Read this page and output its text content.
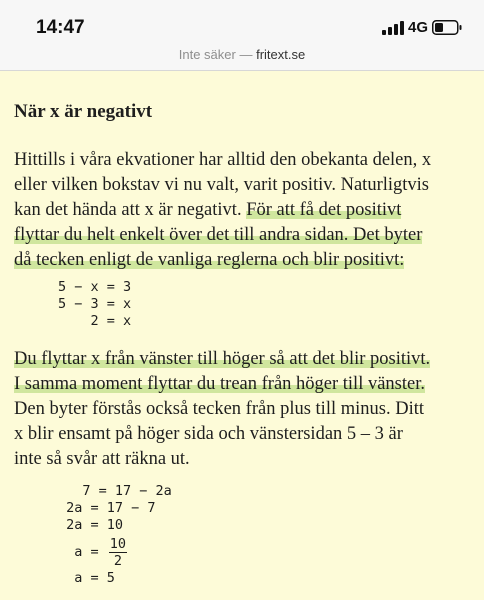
14:47	4G
Inte säker — fritext.se
När x är negativt
Hittills i våra ekvationer har alltid den obekanta delen, x
eller vilken bokstav vi nu valt, varit positiv. Naturligtvis
kan det hända att x är negativt. För att få det positivt
flyttar du helt enkelt över det till andra sidan. Det byter
då tecken enligt de vanliga reglerna och blir positivt:
5 − x = 3
5 − 3 = x
2 = x
Du flyttar x från vänster till höger så att det blir positivt.
I samma moment flyttar du trean från höger till vänster.
Den byter förstås också tecken från plus till minus. Ditt
x blir ensamt på höger sida och vänstersidan 5 – 3 är
inte så svår att räkna ut.
7 = 17 − 2a
2a = 17 − 7
2a = 10
$a = \frac{10}{2}$
a = 5
